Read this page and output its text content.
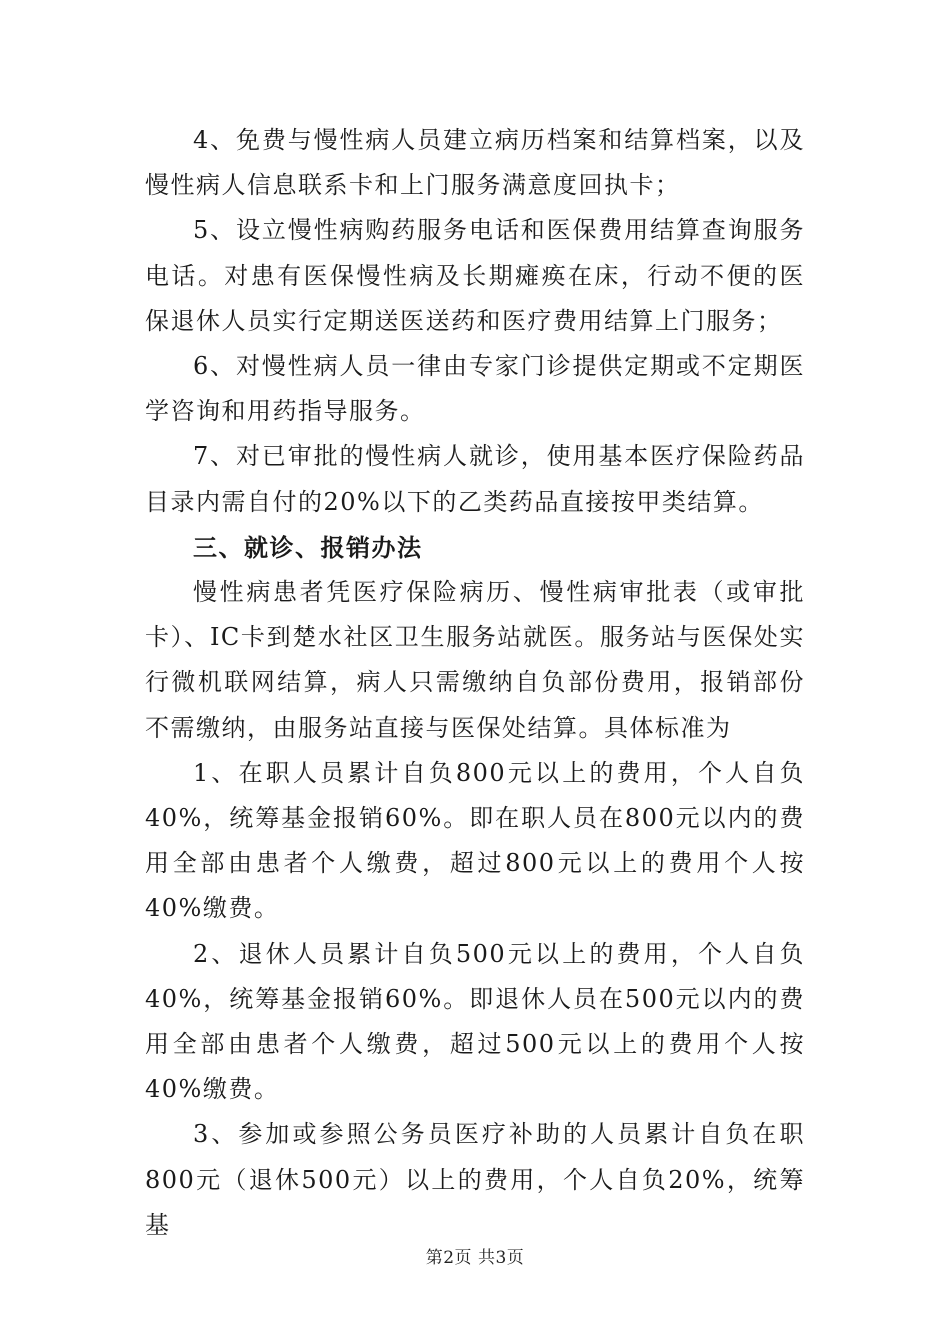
4、免费与慢性病人员建立病历档案和结算档案，以及慢性病人信息联系卡和上门服务满意度回执卡；

5、设立慢性病购药服务电话和医保费用结算查询服务电话。对患有医保慢性病及长期瘫痪在床，行动不便的医保退休人员实行定期送医送药和医疗费用结算上门服务；

6、对慢性病人员一律由专家门诊提供定期或不定期医学咨询和用药指导服务。

7、对已审批的慢性病人就诊，使用基本医疗保险药品目录内需自付的20%以下的乙类药品直接按甲类结算。

三、就诊、报销办法

慢性病患者凭医疗保险病历、慢性病审批表（或审批卡）、IC卡到楚水社区卫生服务站就医。服务站与医保处实行微机联网结算，病人只需缴纳自负部份费用，报销部份不需缴纳，由服务站直接与医保处结算。具体标准为

1、在职人员累计自负800元以上的费用，个人自负40%，统筹基金报销60%。即在职人员在800元以内的费用全部由患者个人缴费，超过800元以上的费用个人按40%缴费。

2、退休人员累计自负500元以上的费用，个人自负40%，统筹基金报销60%。即退休人员在500元以内的费用全部由患者个人缴费，超过500元以上的费用个人按40%缴费。

3、参加或参照公务员医疗补助的人员累计自负在职800元（退休500元）以上的费用，个人自负20%，统筹基

第2页 共3页
